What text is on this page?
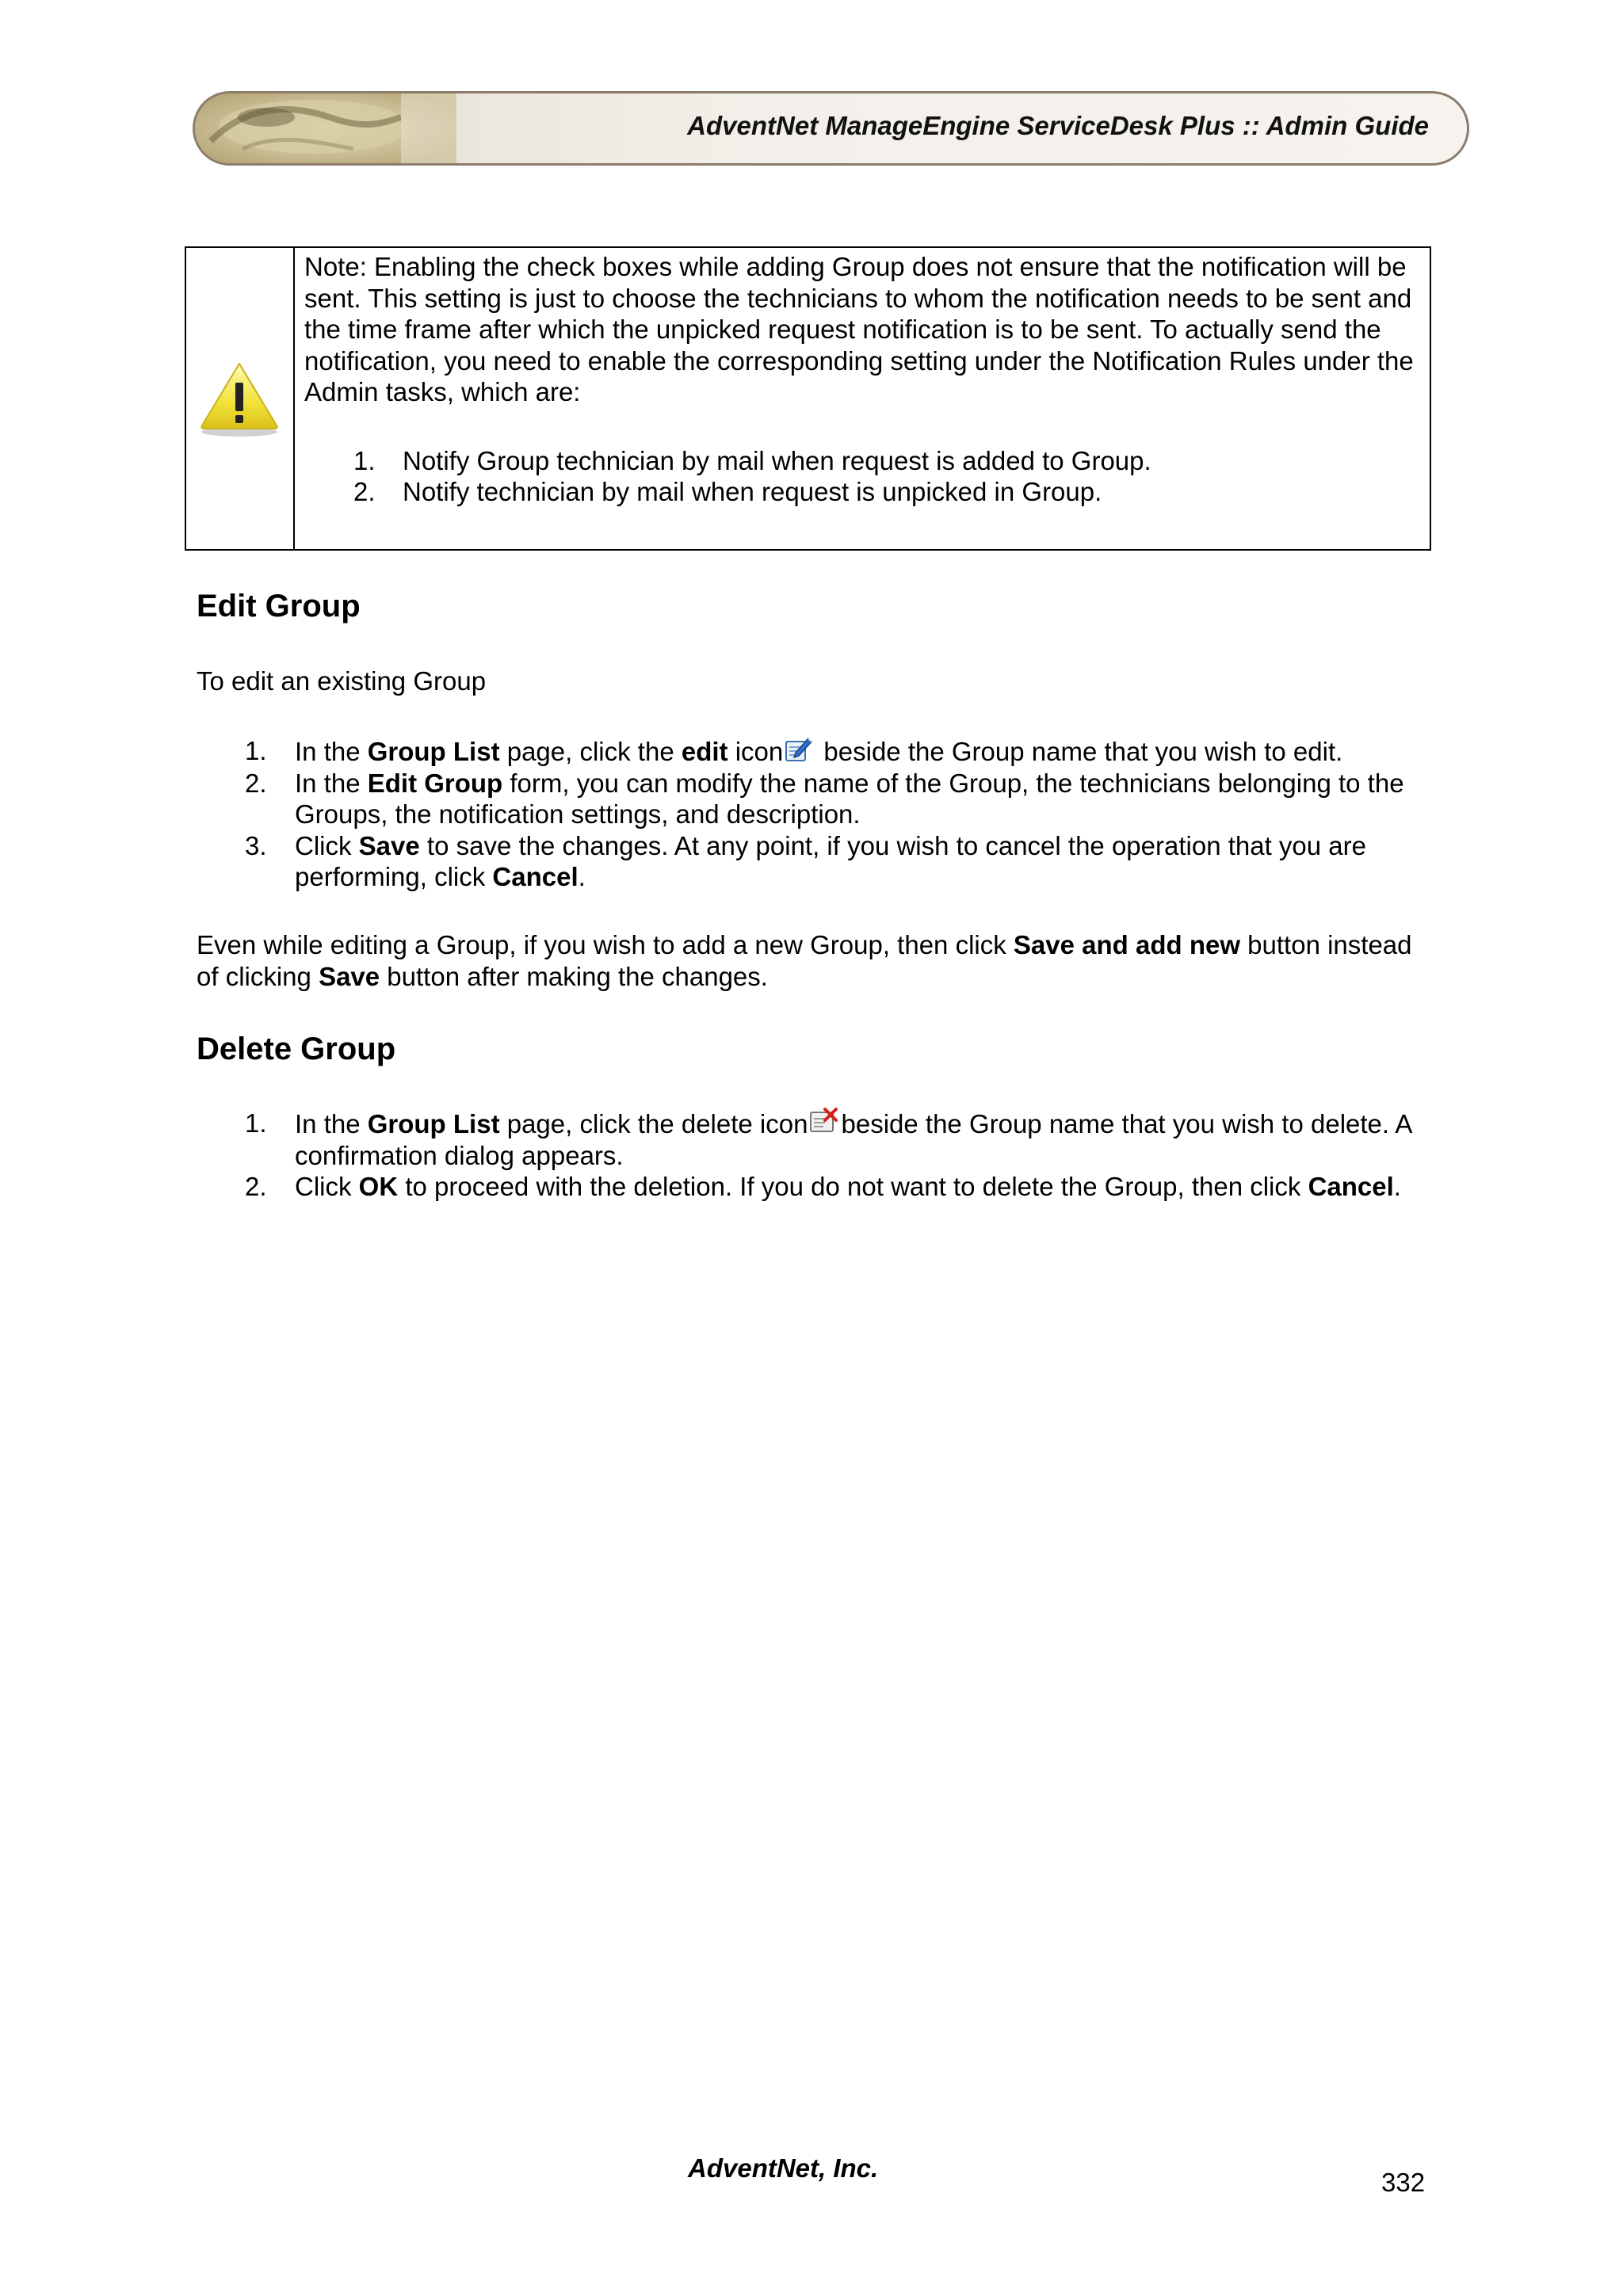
AdventNet ManageEngine ServiceDesk Plus :: Admin Guide

Note: Enabling the check boxes while adding Group does not ensure that the notification will be sent. This setting is just to choose the technicians to whom the notification needs to be sent and the time frame after which the unpicked request notification is to be sent. To actually send the notification, you need to enable the corresponding setting under the Notification Rules under the Admin tasks, which are:

1. Notify Group technician by mail when request is added to Group.
2. Notify technician by mail when request is unpicked in Group.
Edit Group

To edit an existing Group

1. In the Group List page, click the edit icon beside the Group name that you wish to edit.
2. In the Edit Group form, you can modify the name of the Group, the technicians belonging to the Groups, the notification settings, and description.
3. Click Save to save the changes. At any point, if you wish to cancel the operation that you are performing, click Cancel.

Even while editing a Group, if you wish to add a new Group, then click Save and add new button instead of clicking Save button after making the changes.

Delete Group
1. In the Group List page, click the delete icon beside the Group name that you wish to delete. A confirmation dialog appears.
2. Click OK to proceed with the deletion. If you do not want to delete the Group, then click Cancel.
AdventNet, Inc.	332
